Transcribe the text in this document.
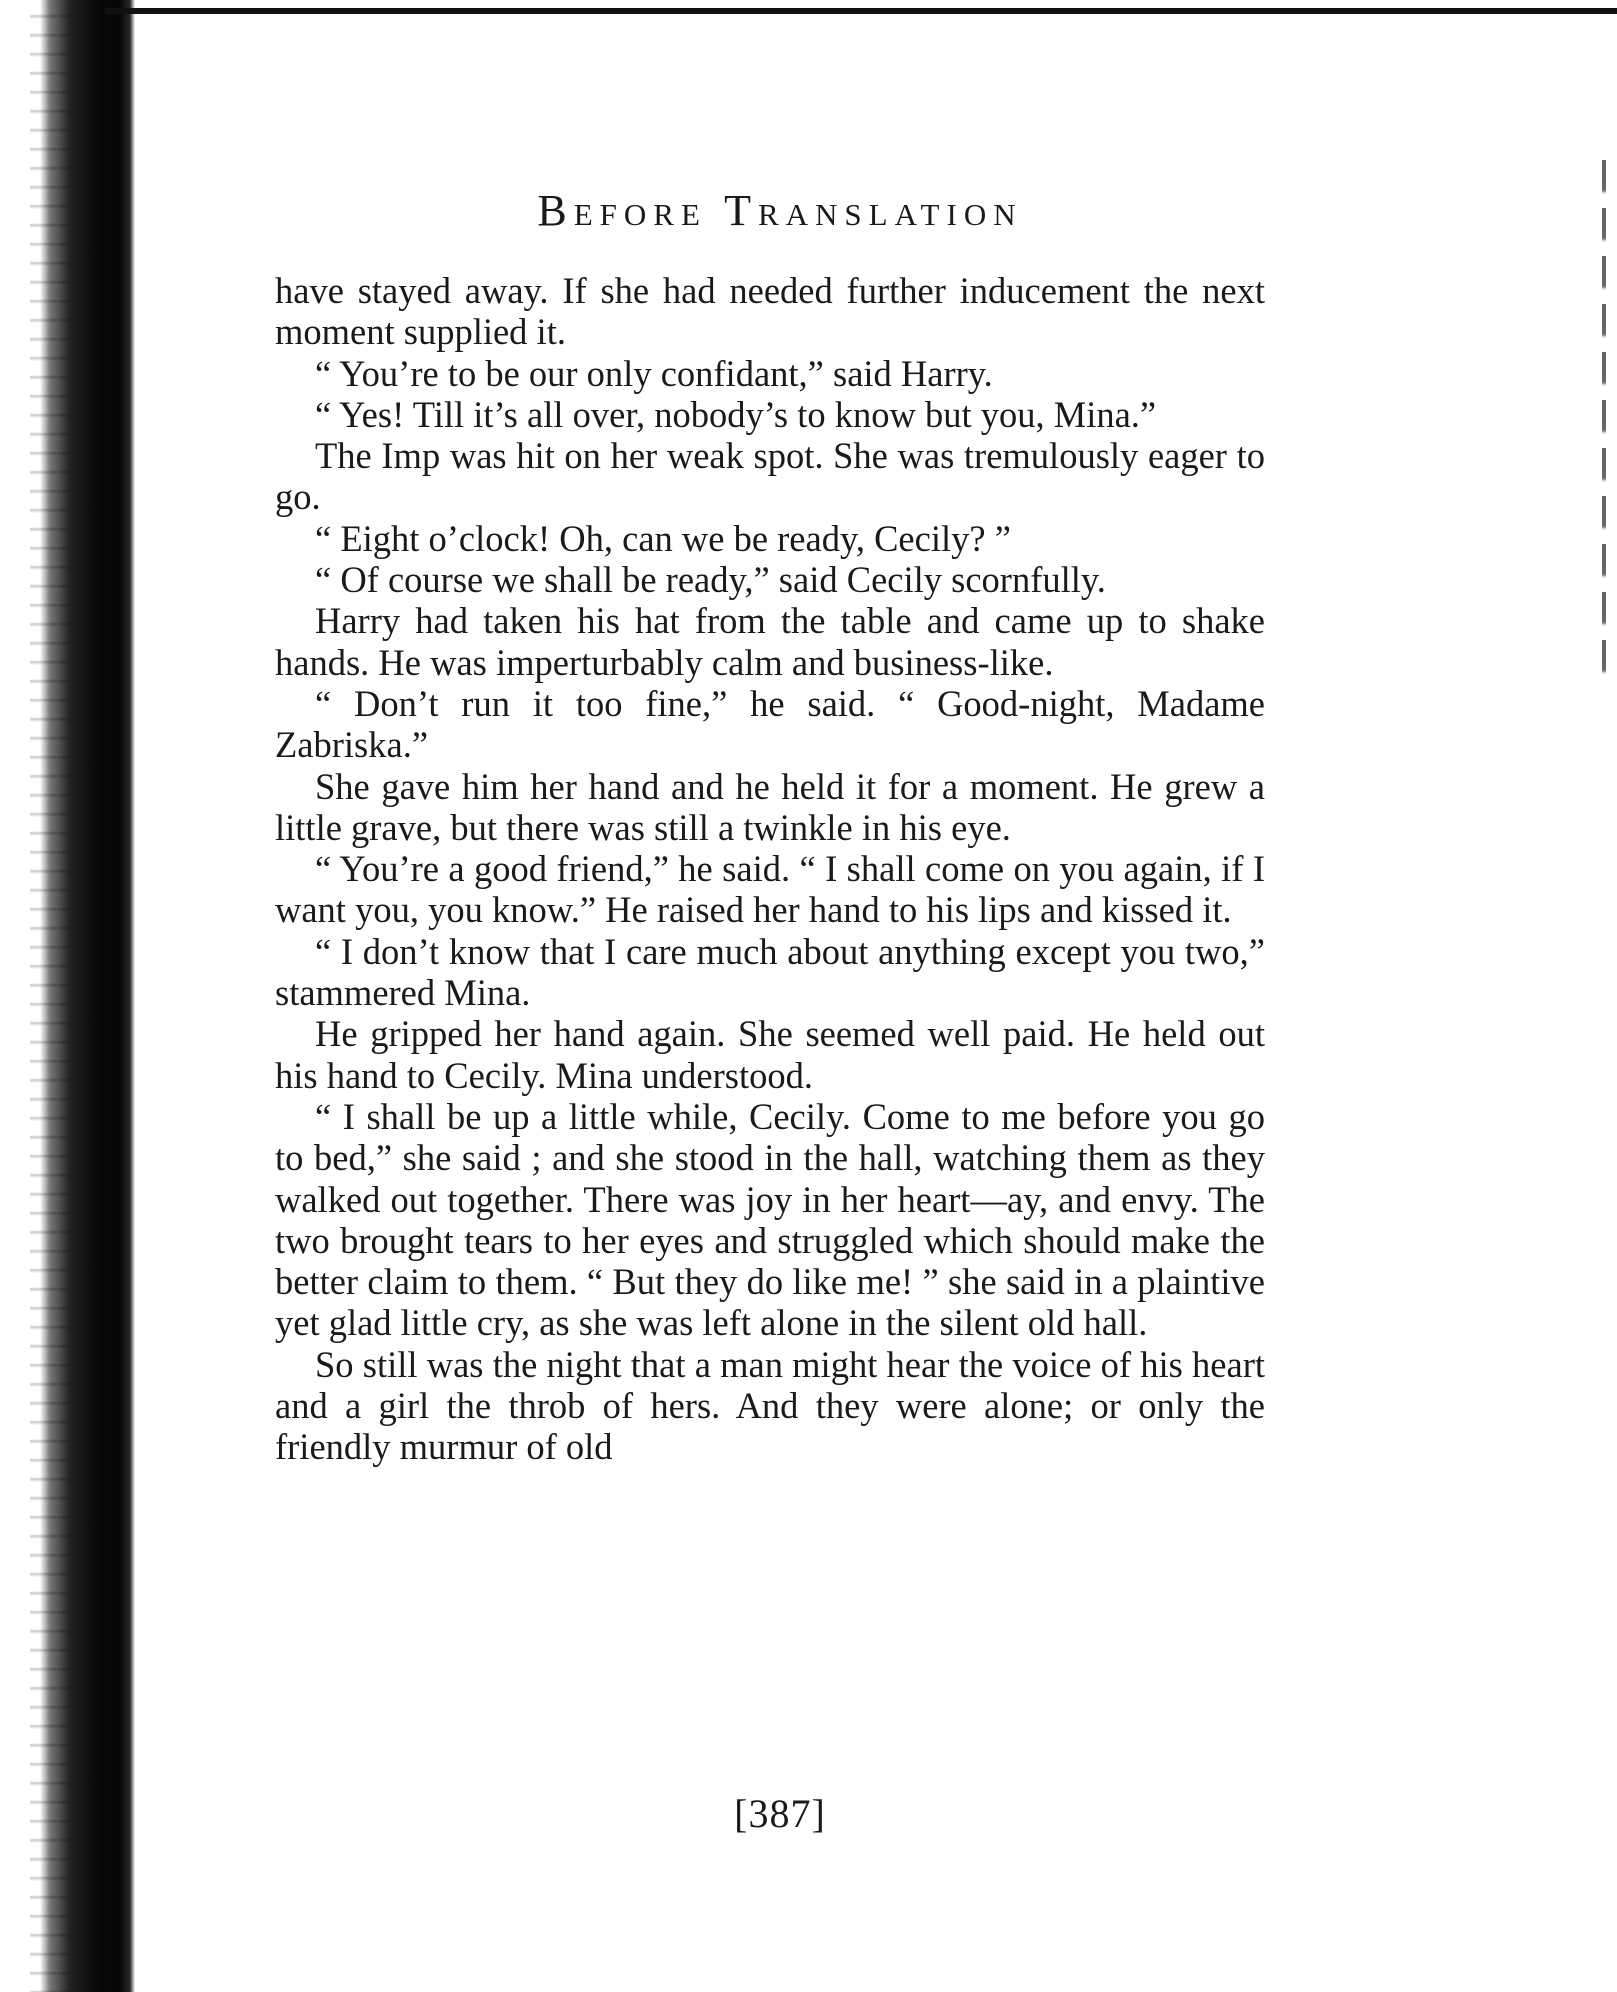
Before Translation

have stayed away. If she had needed further inducement the next moment supplied it.

“ You’re to be our only confidant,” said Harry.

“ Yes! Till it’s all over, nobody’s to know but you, Mina.”

The Imp was hit on her weak spot. She was tremulously eager to go.

“ Eight o’clock! Oh, can we be ready, Cecily? ”

“ Of course we shall be ready,” said Cecily scornfully.

Harry had taken his hat from the table and came up to shake hands. He was imperturbably calm and business-like.

“ Don’t run it too fine,” he said. “ Good-night, Madame Zabriska.”

She gave him her hand and he held it for a moment. He grew a little grave, but there was still a twinkle in his eye.

“ You’re a good friend,” he said. “ I shall come on you again, if I want you, you know.” He raised her hand to his lips and kissed it.

“ I don’t know that I care much about anything except you two,” stammered Mina.

He gripped her hand again. She seemed well paid. He held out his hand to Cecily. Mina understood.

“ I shall be up a little while, Cecily. Come to me before you go to bed,” she said ; and she stood in the hall, watching them as they walked out together. There was joy in her heart—ay, and envy. The two brought tears to her eyes and struggled which should make the better claim to them. “ But they do like me! ” she said in a plaintive yet glad little cry, as she was left alone in the silent old hall.

So still was the night that a man might hear the voice of his heart and a girl the throb of hers. And they were alone; or only the friendly murmur of old

[387]
